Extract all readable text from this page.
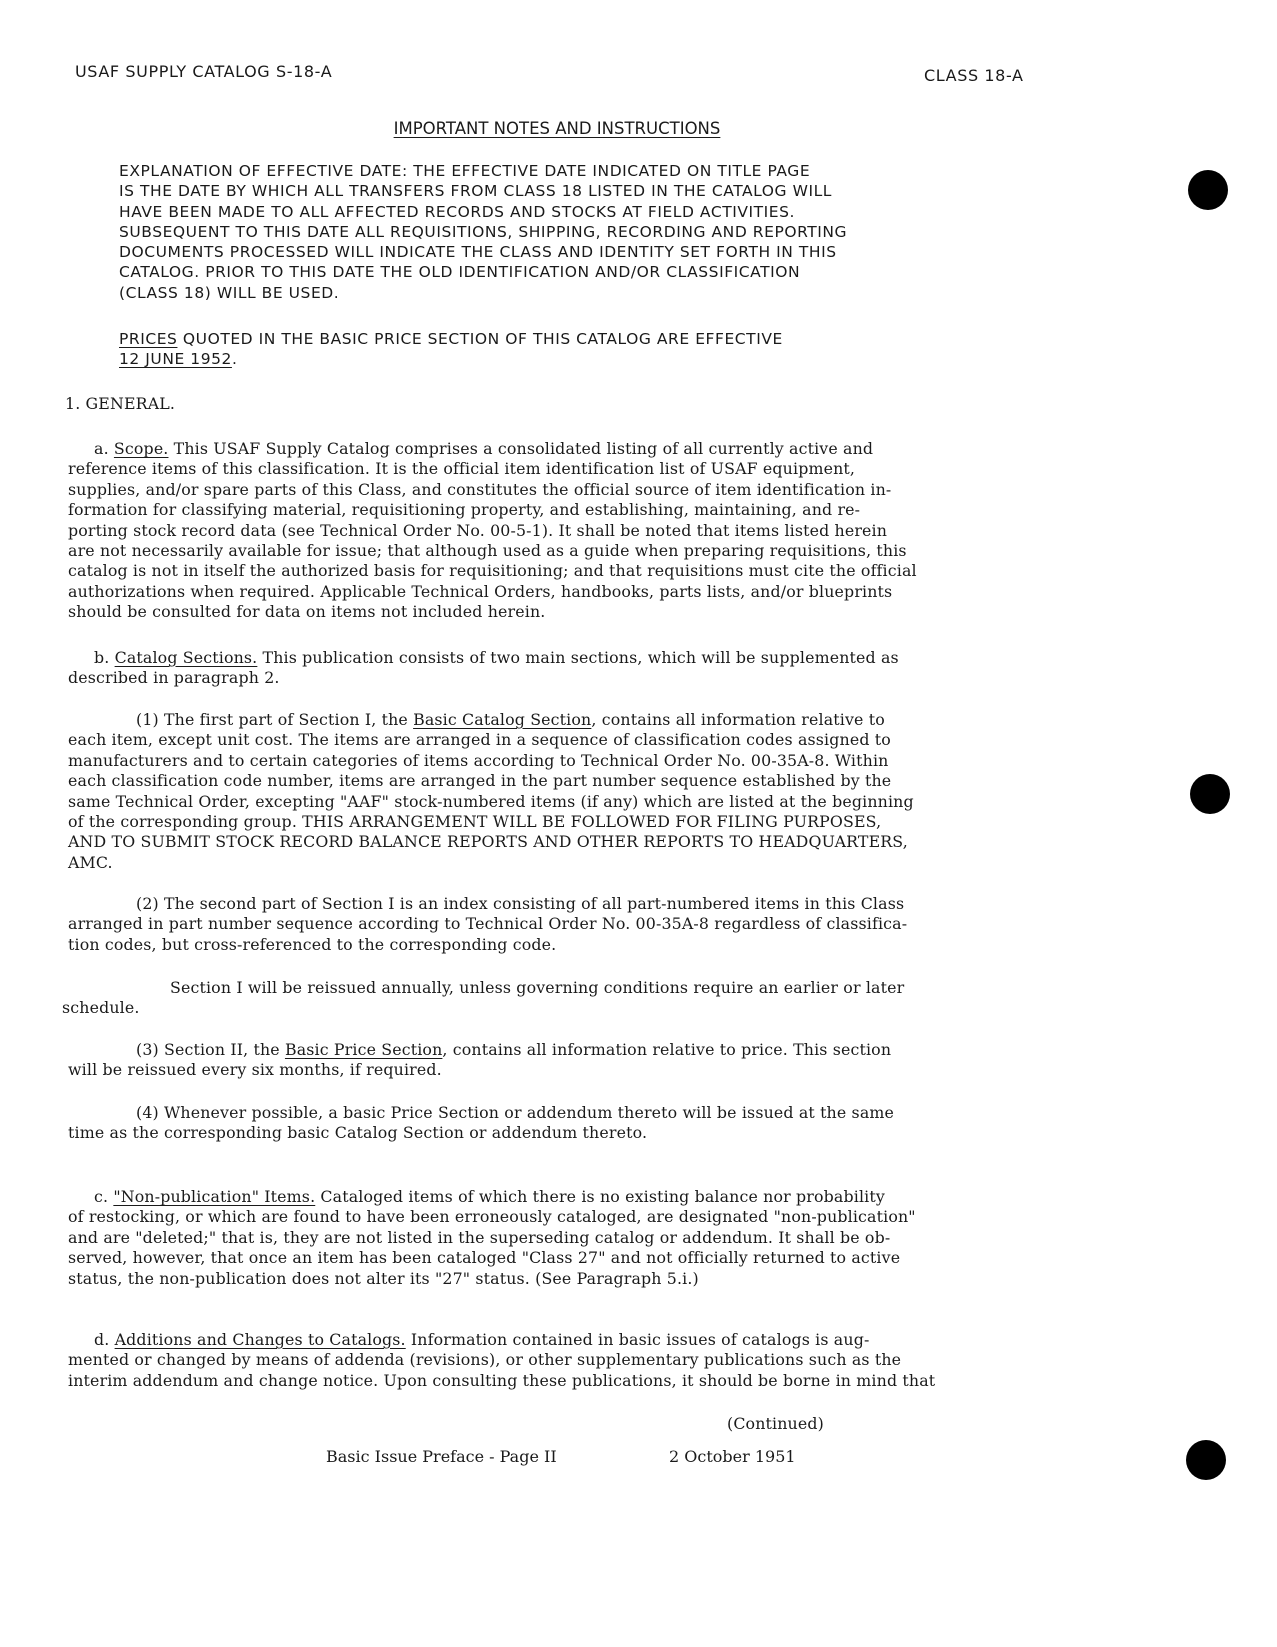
USAF SUPPLY CATALOG S-18-A	CLASS 18-A
IMPORTANT NOTES AND INSTRUCTIONS
EXPLANATION OF EFFECTIVE DATE: THE EFFECTIVE DATE INDICATED ON TITLE PAGE
IS THE DATE BY WHICH ALL TRANSFERS FROM CLASS 18 LISTED IN THE CATALOG WILL
HAVE BEEN MADE TO ALL AFFECTED RECORDS AND STOCKS AT FIELD ACTIVITIES.
SUBSEQUENT TO THIS DATE ALL REQUISITIONS, SHIPPING, RECORDING AND REPORTING
DOCUMENTS PROCESSED WILL INDICATE THE CLASS AND IDENTITY SET FORTH IN THIS
CATALOG. PRIOR TO THIS DATE THE OLD IDENTIFICATION AND/OR CLASSIFICATION
(CLASS 18) WILL BE USED.
PRICES QUOTED IN THE BASIC PRICE SECTION OF THIS CATALOG ARE EFFECTIVE
12 JUNE 1952.
1. GENERAL.
a. Scope. This USAF Supply Catalog comprises a consolidated listing of all currently active and
reference items of this classification. It is the official item identification list of USAF equipment,
supplies, and/or spare parts of this Class, and constitutes the official source of item identification in-
formation for classifying material, requisitioning property, and establishing, maintaining, and re-
porting stock record data (see Technical Order No. 00-5-1). It shall be noted that items listed herein
are not necessarily available for issue; that although used as a guide when preparing requisitions, this
catalog is not in itself the authorized basis for requisitioning; and that requisitions must cite the official
authorizations when required. Applicable Technical Orders, handbooks, parts lists, and/or blueprints
should be consulted for data on items not included herein.
b. Catalog Sections. This publication consists of two main sections, which will be supplemented as
described in paragraph 2.
(1) The first part of Section I, the Basic Catalog Section, contains all information relative to
each item, except unit cost. The items are arranged in a sequence of classification codes assigned to
manufacturers and to certain categories of items according to Technical Order No. 00-35A-8. Within
each classification code number, items are arranged in the part number sequence established by the
same Technical Order, excepting "AAF" stock-numbered items (if any) which are listed at the beginning
of the corresponding group. THIS ARRANGEMENT WILL BE FOLLOWED FOR FILING PURPOSES,
AND TO SUBMIT STOCK RECORD BALANCE REPORTS AND OTHER REPORTS TO HEADQUARTERS,
AMC.
(2) The second part of Section I is an index consisting of all part-numbered items in this Class
arranged in part number sequence according to Technical Order No. 00-35A-8 regardless of classifica-
tion codes, but cross-referenced to the corresponding code.
Section I will be reissued annually, unless governing conditions require an earlier or later
schedule.
(3) Section II, the Basic Price Section, contains all information relative to price. This section
will be reissued every six months, if required.
(4) Whenever possible, a basic Price Section or addendum thereto will be issued at the same
time as the corresponding basic Catalog Section or addendum thereto.
c. "Non-publication" Items. Cataloged items of which there is no existing balance nor probability
of restocking, or which are found to have been erroneously cataloged, are designated "non-publication"
and are "deleted;" that is, they are not listed in the superseding catalog or addendum. It shall be ob-
served, however, that once an item has been cataloged "Class 27" and not officially returned to active
status, the non-publication does not alter its "27" status. (See Paragraph 5.i.)
d. Additions and Changes to Catalogs. Information contained in basic issues of catalogs is aug-
mented or changed by means of addenda (revisions), or other supplementary publications such as the
interim addendum and change notice. Upon consulting these publications, it should be borne in mind that
(Continued)
Basic Issue Preface - Page II	2 October 1951
